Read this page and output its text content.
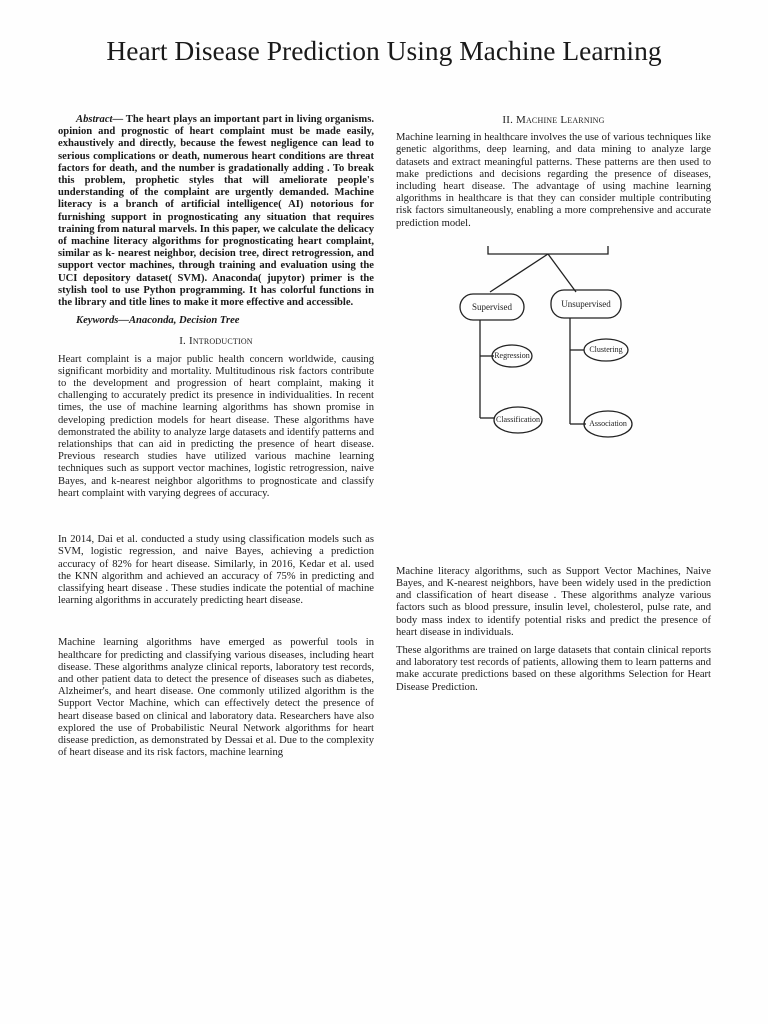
Heart Disease Prediction Using Machine Learning

Abstract— The heart plays an important part in living organisms. opinion and prognostic of heart complaint must be made easily, exhaustively and directly, because the fewest negligence can lead to serious complications or death, numerous heart conditions are threat factors for death, and the number is gradationally adding . To break this problem, prophetic styles that will ameliorate people's understanding of the complaint are urgently demanded. Machine literacy is a branch of artificial intelligence( AI) notorious for furnishing support in prognosticating any situation that requires training from natural marvels. In this paper, we calculate the delicacy of machine literacy algorithms for prognosticating heart complaint, similar as k- nearest neighbor, decision tree, direct retrogression, and support vector machines, through training and evaluation using the UCI depository dataset( SVM). Anaconda( jupytor) primer is the stylish tool to use Python programming. It has colorful functions in the library and title lines to make it more effective and accessible.

Keywords—Anaconda, Decision Tree

I. Introduction

Heart complaint is a major public health concern worldwide, causing significant morbidity and mortality. Multitudinous risk factors contribute to the development and progression of heart complaint, making it challenging to accurately predict its presence in individualities. In recent times, the use of machine learning algorithms has shown promise in developing prediction models for heart disease. These algorithms have demonstrated the ability to analyze large datasets and identify patterns and relationships that can aid in predicting the presence of heart disease. Previous research studies have utilized various machine learning techniques such as support vector machines, logistic retrogression, naive Bayes, and k-nearest neighbor algorithms to prognosticate and classify heart complaint with varying degrees of accuracy.

In 2014, Dai et al. conducted a study using classification models such as SVM, logistic regression, and naive Bayes, achieving a prediction accuracy of 82% for heart disease. Similarly, in 2016, Kedar et al. used the KNN algorithm and achieved an accuracy of 75% in predicting and classifying heart disease . These studies indicate the potential of machine learning algorithms in accurately predicting heart disease.

Machine learning algorithms have emerged as powerful tools in healthcare for predicting and classifying various diseases, including heart disease. These algorithms analyze clinical reports, laboratory test records, and other patient data to detect the presence of diseases such as diabetes, Alzheimer's, and heart disease. One commonly utilized algorithm is the Support Vector Machine, which can effectively detect the presence of heart disease based on clinical and laboratory data. Researchers have also explored the use of Probabilistic Neural Network algorithms for heart disease prediction, as demonstrated by Dessai et al. Due to the complexity of heart disease and its risk factors, machine learning

II. Machine Learning

Machine learning in healthcare involves the use of various techniques like genetic algorithms, deep learning, and data mining to analyze large datasets and extract meaningful patterns. These patterns are then used to make predictions and decisions regarding the presence of diseases, including heart disease. The advantage of using machine learning algorithms in healthcare is that they can consider multiple contributing risk factors simultaneously, enabling a more comprehensive and accurate prediction model.

Supervised	Unsupervised
Regression
Classification
Clustering
Association

Machine literacy algorithms, such as Support Vector Machines, Naive Bayes, and K-nearest neighbors, have been widely used in the prediction and classification of heart disease . These algorithms analyze various factors such as blood pressure, insulin level, cholesterol, pulse rate, and body mass index to identify potential risks and predict the presence of heart disease in individuals.

These algorithms are trained on large datasets that contain clinical reports and laboratory test records of patients, allowing them to learn patterns and make accurate predictions based on these algorithms Selection for Heart Disease Prediction.
